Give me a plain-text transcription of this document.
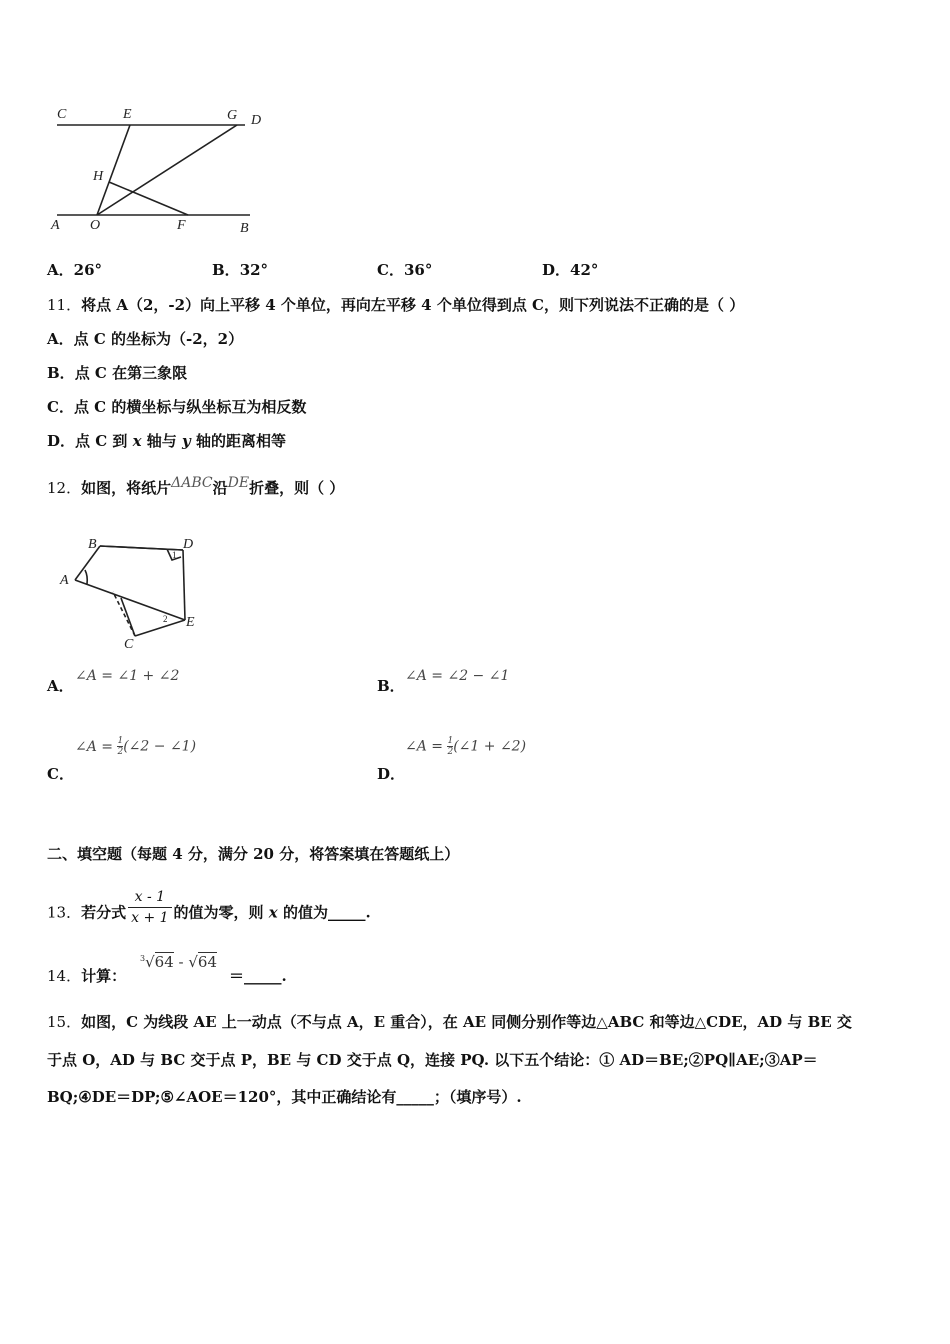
C	E	G D
H
A O	F	B
A．26°	B．32°	C．36°	D．42°
11．将点 A（2，-2）向上平移 4 个单位，再向左平移 4 个单位得到点 C，则下列说法不正确的是（ ）
A．点 C 的坐标为（-2，2）
B．点 C 在第三象限
C．点 C 的横坐标与纵坐标互为相反数
D．点 C 到 x 轴与 y 轴的距离相等
12．如图，将纸片ΔABC沿DE折叠，则（ ）
B	D
A
E
C
1
2
A．
∠A = ∠1 + ∠2
B．
∠A = ∠2 − ∠1
C．
∠A = $\frac{1}{2}$ (∠2 − ∠1)
D．
∠A = $\frac{1}{2}$ (∠1 + ∠2)
二、填空题（每题 4 分，满分 20 分，将答案填在答题纸上）
13．若分式 $\frac{x - 1}{x + 1}$ 的值为零，则 x 的值为_____.
14．计算：
$^3$√64 - √64
＝_____.
15．如图，C 为线段 AE 上一动点（不与点 A，E 重合），在 AE 同侧分别作等边△ABC 和等边△CDE，AD 与 BE 交
于点 O，AD 与 BC 交于点 P，BE 与 CD 交于点 Q，连接 PQ. 以下五个结论：① AD＝BE;②PQ∥AE;③AP＝
BQ;④DE＝DP;⑤∠AOE＝120°，其中正确结论有_____；（填序号）.
